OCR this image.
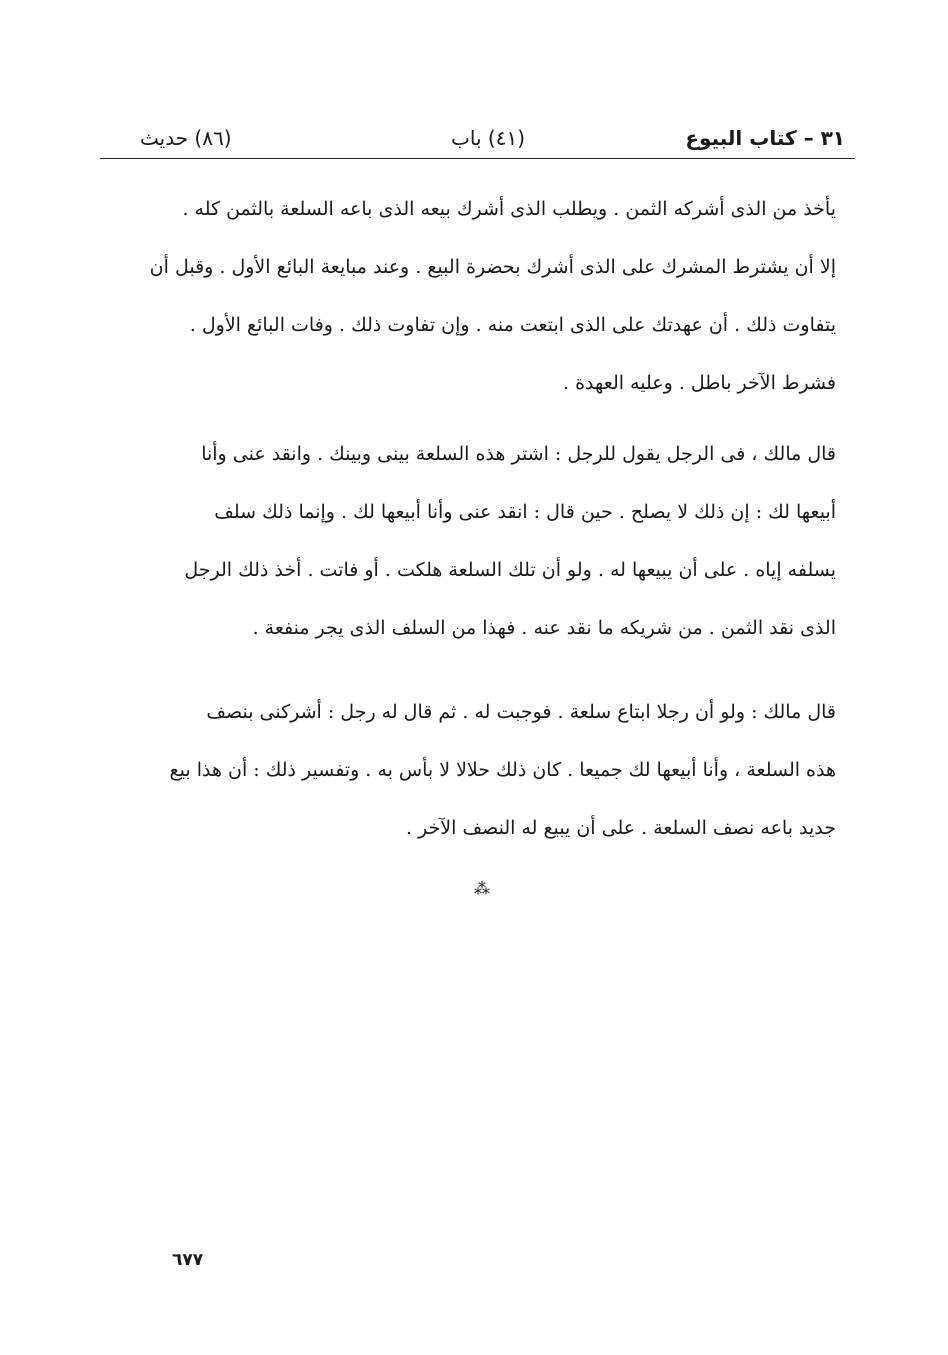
٣١ – كتاب البيوع
(٤١) باب
(٨٦) حديث
يأخذ من الذى أشركه الثمن . ويطلب الذى أشرك بيعه الذى باعه السلعة بالثمن كله .
إلا أن يشترط المشرك على الذى أشرك بحضرة البيع . وعند مبايعة البائع الأول . وقبل أن
يتفاوت ذلك . أن عهدتك على الذى ابتعت منه . وإن تفاوت ذلك . وفات البائع الأول .
فشرط الآخر باطل . وعليه العهدة .
قال مالك ، فى الرجل يقول للرجل : اشتر هذه السلعة بينى وبينك . وانقد عنى وأنا
أبيعها لك : إن ذلك لا يصلح . حين قال : انقد عنى وأنا أبيعها لك . وإنما ذلك سلف
يسلفه إياه . على أن يبيعها له . ولو أن تلك السلعة هلكت . أو فاتت . أخذ ذلك الرجل
الذى نقد الثمن . من شريكه ما نقد عنه . فهذا من السلف الذى يجر منفعة .
قال مالك : ولو أن رجلا ابتاع سلعة . فوجبت له . ثم قال له رجل : أشركنى بنصف
هذه السلعة ، وأنا أبيعها لك جميعا . كان ذلك حلالا لا بأس به . وتفسير ذلك : أن هذا بيع
جديد باعه نصف السلعة . على أن يبيع له النصف الآخر .
⁂
٦٧٧
